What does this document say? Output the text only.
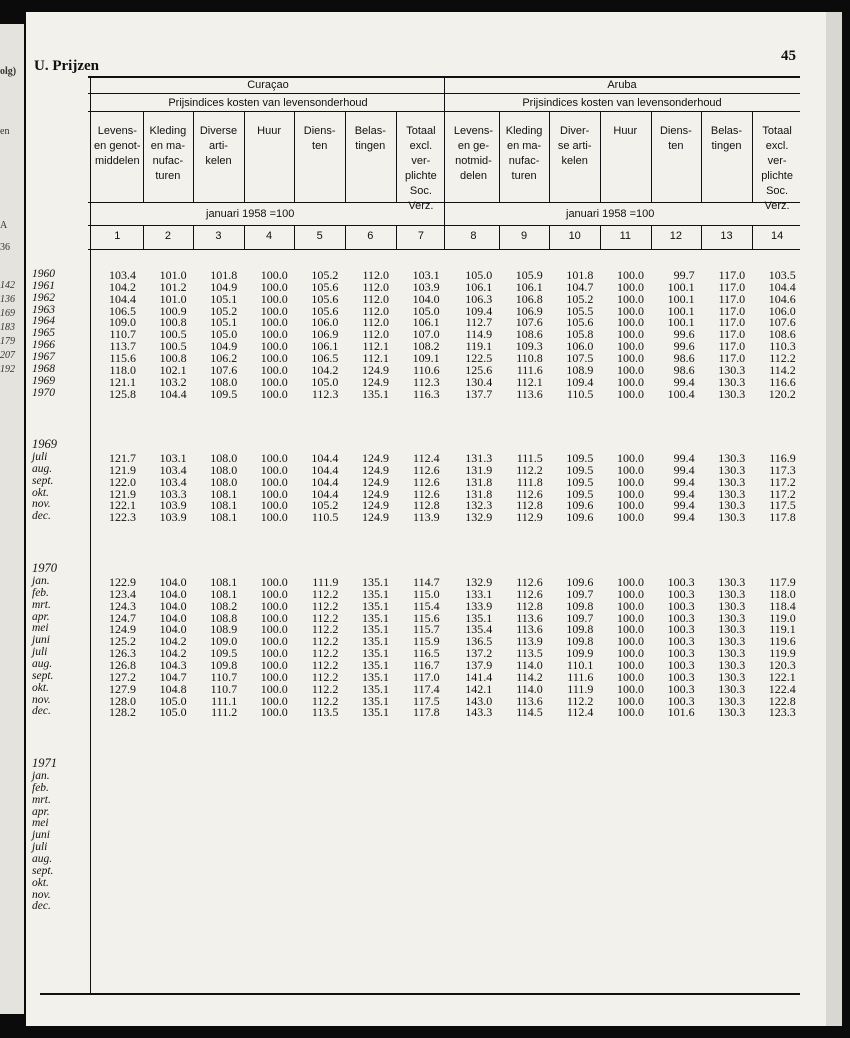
olg)
en
A
36
142
136
169
183
179
207
192
U. Prijzen
45
Curaçao	Aruba
Prijsindices kosten van levensonderhoud	Prijsindices kosten van levensonderhoud
Levens-
en genot-
middelen
1
Kleding
en ma-
nufac-
turen
2
Diverse
arti-
kelen
3
Huur
4
Diens-
ten
5
Belas-
tingen
6
Totaal
excl.
ver-
plichte
Soc.
Verz.
7
Levens-
en ge-
notmid-
delen
8
Kleding
en ma-
nufac-
turen
9
Diver-
se arti-
kelen
10
Huur
11
Diens-
ten
12
Belas-
tingen
13
Totaal
excl.
ver-
plichte
Soc.
Verz.
14
januari 1958 =100	januari 1958 =100
1960	103.4	101.0	101.8	100.0	105.2	112.0	103.1	105.0	105.9	101.8	100.0	99.7	117.0	103.5
1961	104.2	101.2	104.9	100.0	105.6	112.0	103.9	106.1	106.1	104.7	100.0	100.1	117.0	104.4
1962	104.4	101.0	105.1	100.0	105.6	112.0	104.0	106.3	106.8	105.2	100.0	100.1	117.0	104.6
1963	106.5	100.9	105.2	100.0	105.6	112.0	105.0	109.4	106.9	105.5	100.0	100.1	117.0	106.0
1964	109.0	100.8	105.1	100.0	106.0	112.0	106.1	112.7	107.6	105.6	100.0	100.1	117.0	107.6
1965	110.7	100.5	105.0	100.0	106.9	112.0	107.0	114.9	108.6	105.8	100.0	99.6	117.0	108.6
1966	113.7	100.5	104.9	100.0	106.1	112.1	108.2	119.1	109.3	106.0	100.0	99.6	117.0	110.3
1967	115.6	100.8	106.2	100.0	106.5	112.1	109.1	122.5	110.8	107.5	100.0	98.6	117.0	112.2
1968	118.0	102.1	107.6	100.0	104.2	124.9	110.6	125.6	111.6	108.9	100.0	98.6	130.3	114.2
1969	121.1	103.2	108.0	100.0	105.0	124.9	112.3	130.4	112.1	109.4	100.0	99.4	130.3	116.6
1970	125.8	104.4	109.5	100.0	112.3	135.1	116.3	137.7	113.6	110.5	100.0	100.4	130.3	120.2
1969
juli	121.7	103.1	108.0	100.0	104.4	124.9	112.4	131.3	111.5	109.5	100.0	99.4	130.3	116.9
aug.	121.9	103.4	108.0	100.0	104.4	124.9	112.6	131.9	112.2	109.5	100.0	99.4	130.3	117.3
sept.	122.0	103.4	108.0	100.0	104.4	124.9	112.6	131.8	111.8	109.5	100.0	99.4	130.3	117.2
okt.	121.9	103.3	108.1	100.0	104.4	124.9	112.6	131.8	112.6	109.5	100.0	99.4	130.3	117.2
nov.	122.1	103.9	108.1	100.0	105.2	124.9	112.8	132.3	112.8	109.6	100.0	99.4	130.3	117.5
dec.	122.3	103.9	108.1	100.0	110.5	124.9	113.9	132.9	112.9	109.6	100.0	99.4	130.3	117.8
1970
jan.	122.9	104.0	108.1	100.0	111.9	135.1	114.7	132.9	112.6	109.6	100.0	100.3	130.3	117.9
feb.	123.4	104.0	108.1	100.0	112.2	135.1	115.0	133.1	112.6	109.7	100.0	100.3	130.3	118.0
mrt.	124.3	104.0	108.2	100.0	112.2	135.1	115.4	133.9	112.8	109.8	100.0	100.3	130.3	118.4
apr.	124.7	104.0	108.8	100.0	112.2	135.1	115.6	135.1	113.6	109.7	100.0	100.3	130.3	119.0
mei	124.9	104.0	108.9	100.0	112.2	135.1	115.7	135.4	113.6	109.8	100.0	100.3	130.3	119.1
juni	125.2	104.2	109.0	100.0	112.2	135.1	115.9	136.5	113.9	109.8	100.0	100.3	130.3	119.6
juli	126.3	104.2	109.5	100.0	112.2	135.1	116.5	137.2	113.5	109.9	100.0	100.3	130.3	119.9
aug.	126.8	104.3	109.8	100.0	112.2	135.1	116.7	137.9	114.0	110.1	100.0	100.3	130.3	120.3
sept.	127.2	104.7	110.7	100.0	112.2	135.1	117.0	141.4	114.2	111.6	100.0	100.3	130.3	122.1
okt.	127.9	104.8	110.7	100.0	112.2	135.1	117.4	142.1	114.0	111.9	100.0	100.3	130.3	122.4
nov.	128.0	105.0	111.1	100.0	112.2	135.1	117.5	143.0	113.6	112.2	100.0	100.3	130.3	122.8
dec.	128.2	105.0	111.2	100.0	113.5	135.1	117.8	143.3	114.5	112.4	100.0	101.6	130.3	123.3
1971
jan.
feb.
mrt.
apr.
mei
juni
juli
aug.
sept.
okt.
nov.
dec.
